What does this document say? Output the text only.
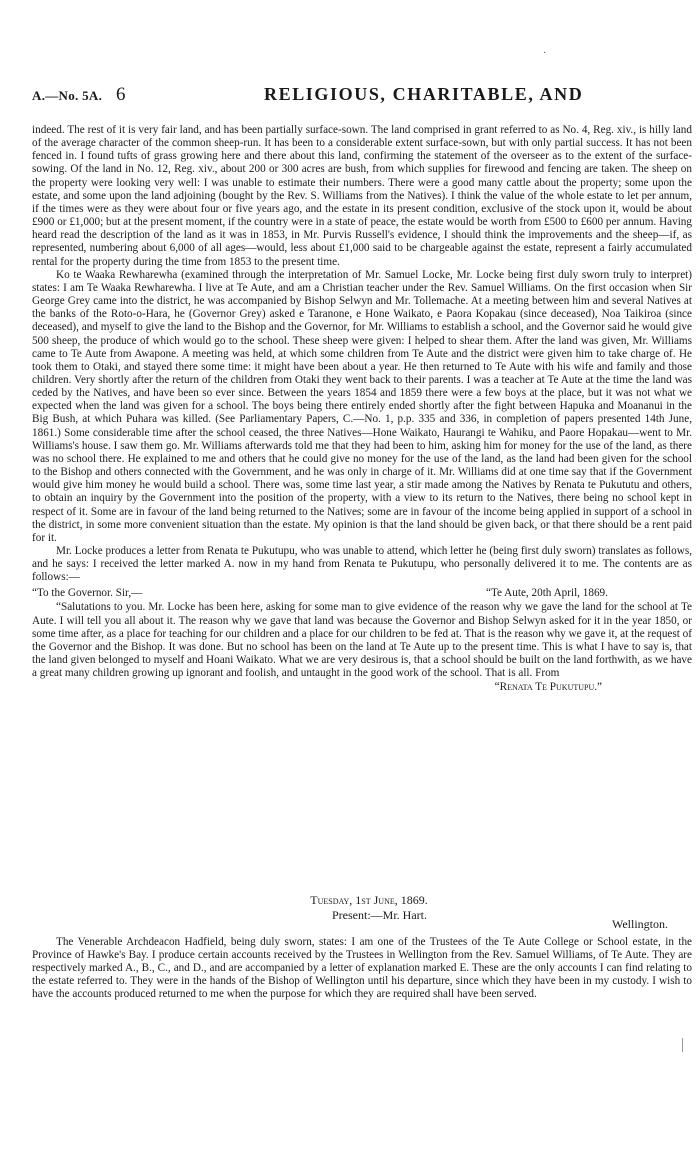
·
A.—No. 5A. 6	RELIGIOUS, CHARITABLE, AND

indeed. The rest of it is very fair land, and has been partially surface-sown. The land comprised in grant referred to as No. 4, Reg. xiv., is hilly land of the average character of the common sheep-run. It has been to a considerable extent surface-sown, but with only partial success. It has not been fenced in. I found tufts of grass growing here and there about this land, confirming the statement of the overseer as to the extent of the surface-sowing. Of the land in No. 12, Reg. xiv., about 200 or 300 acres are bush, from which supplies for firewood and fencing are taken. The sheep on the property were looking very well: I was unable to estimate their numbers. There were a good many cattle about the property; some upon the estate, and some upon the land adjoining (bought by the Rev. S. Williams from the Natives). I think the value of the whole estate to let per annum, if the times were as they were about four or five years ago, and the estate in its present condition, exclusive of the stock upon it, would be about £900 or £1,000; but at the present moment, if the country were in a state of peace, the estate would be worth from £500 to £600 per annum. Having heard read the description of the land as it was in 1853, in Mr. Purvis Russell's evidence, I should think the improvements and the sheep—if, as represented, numbering about 6,000 of all ages—would, less about £1,000 said to be chargeable against the estate, represent a fairly accumulated rental for the property during the time from 1853 to the present time.

Ko te Waaka Rewharewha (examined through the interpretation of Mr. Samuel Locke, Mr. Locke being first duly sworn truly to interpret) states: I am Te Waaka Rewharewha. I live at Te Aute, and am a Christian teacher under the Rev. Samuel Williams. On the first occasion when Sir George Grey came into the district, he was accompanied by Bishop Selwyn and Mr. Tollemache. At a meeting between him and several Natives at the banks of the Roto-o-Hara, he (Governor Grey) asked e Taranone, e Hone Waikato, e Paora Kopakau (since deceased), Noa Taikiroa (since deceased), and myself to give the land to the Bishop and the Governor, for Mr. Williams to establish a school, and the Governor said he would give 500 sheep, the produce of which would go to the school. These sheep were given: I helped to shear them. After the land was given, Mr. Williams came to Te Aute from Awapone. A meeting was held, at which some children from Te Aute and the district were given him to take charge of. He took them to Otaki, and stayed there some time: it might have been about a year. He then returned to Te Aute with his wife and family and those children. Very shortly after the return of the children from Otaki they went back to their parents. I was a teacher at Te Aute at the time the land was ceded by the Natives, and have been so ever since. Between the years 1854 and 1859 there were a few boys at the place, but it was not what we expected when the land was given for a school. The boys being there entirely ended shortly after the fight between Hapuka and Moananui in the Big Bush, at which Puhara was killed. (See Parliamentary Papers, C.—No. 1, p.p. 335 and 336, in completion of papers presented 14th June, 1861.) Some considerable time after the school ceased, the three Natives—Hone Waikato, Haurangi te Wahiku, and Paore Hopakau—went to Mr. Williams's house. I saw them go. Mr. Williams afterwards told me that they had been to him, asking him for money for the use of the land, as there was no school there. He explained to me and others that he could give no money for the use of the land, as the land had been given for the school to the Bishop and others connected with the Government, and he was only in charge of it. Mr. Williams did at one time say that if the Government would give him money he would build a school. There was, some time last year, a stir made among the Natives by Renata te Pukututu and others, to obtain an inquiry by the Government into the position of the property, with a view to its return to the Natives, there being no school kept in respect of it. Some are in favour of the land being returned to the Natives; some are in favour of the income being applied in support of a school in the district, in some more convenient situation than the estate. My opinion is that the land should be given back, or that there should be a rent paid for it.

Mr. Locke produces a letter from Renata te Pukutupu, who was unable to attend, which letter he (being first duly sworn) translates as follows, and he says: I received the letter marked A. now in my hand from Renata te Pukutupu, who personally delivered it to me. The contents are as follows:—

“To the Governor. Sir,—	“Te Aute, 20th April, 1869.

“Salutations to you. Mr. Locke has been here, asking for some man to give evidence of the reason why we gave the land for the school at Te Aute. I will tell you all about it. The reason why we gave that land was because the Governor and Bishop Selwyn asked for it in the year 1850, or some time after, as a place for teaching for our children and a place for our children to be fed at. That is the reason why we gave it, at the request of the Governor and the Bishop. It was done. But no school has been on the land at Te Aute up to the present time. This is what I have to say is, that the land given belonged to myself and Hoani Waikato. What we are very desirous is, that a school should be built on the land forthwith, as we have a great many children growing up ignorant and foolish, and untaught in the good work of the school. That is all. From

“Renata Te Pukutupu.”
Tuesday, 1st June, 1869.
Present:—Mr. Hart.
Wellington.

The Venerable Archdeacon Hadfield, being duly sworn, states: I am one of the Trustees of the Te Aute College or School estate, in the Province of Hawke's Bay. I produce certain accounts received by the Trustees in Wellington from the Rev. Samuel Williams, of Te Aute. They are respectively marked A., B., C., and D., and are accompanied by a letter of explanation marked E. These are the only accounts I can find relating to the estate referred to. They were in the hands of the Bishop of Wellington until his departure, since which they have been in my custody. I wish to have the accounts produced returned to me when the purpose for which they are required shall have been served.
